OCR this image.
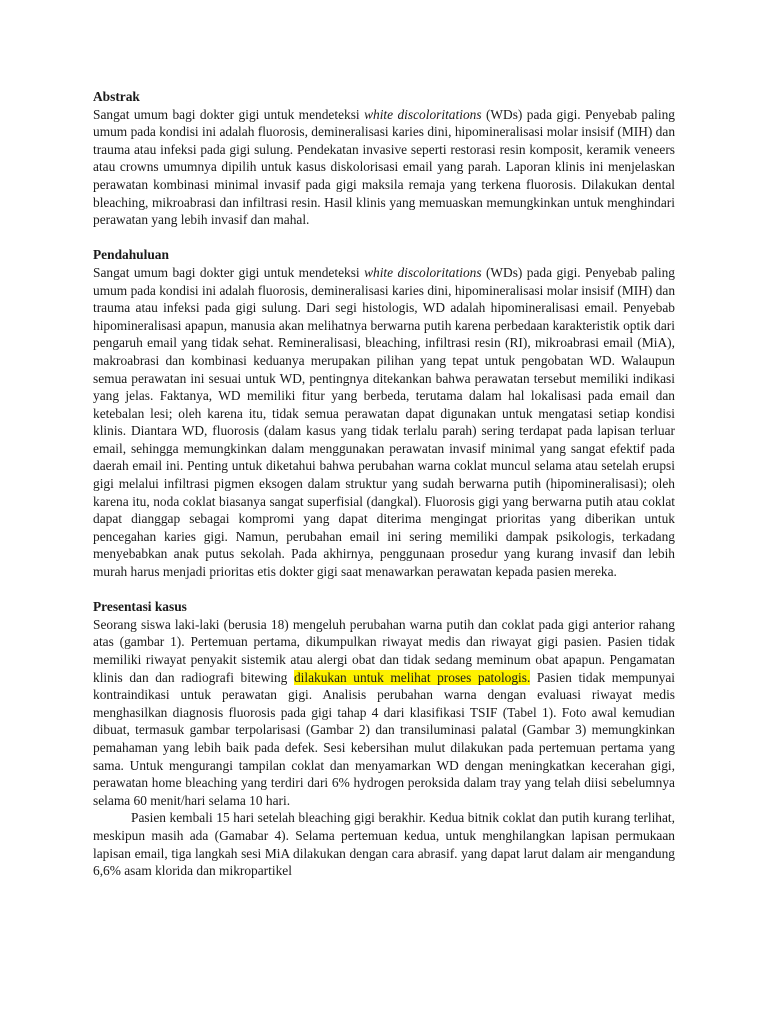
Abstrak

Sangat umum bagi dokter gigi untuk mendeteksi white discoloritations (WDs) pada gigi. Penyebab paling umum pada kondisi ini adalah fluorosis, demineralisasi karies dini, hipomineralisasi molar insisif (MIH) dan trauma atau infeksi pada gigi sulung. Pendekatan invasive seperti restorasi resin komposit, keramik veneers atau crowns umumnya dipilih untuk kasus diskolorisasi email yang parah. Laporan klinis ini menjelaskan perawatan kombinasi minimal invasif pada gigi maksila remaja yang terkena fluorosis. Dilakukan dental bleaching, mikroabrasi dan infiltrasi resin. Hasil klinis yang memuaskan memungkinkan untuk menghindari perawatan yang lebih invasif dan mahal.

Pendahuluan

Sangat umum bagi dokter gigi untuk mendeteksi white discoloritations (WDs) pada gigi. Penyebab paling umum pada kondisi ini adalah fluorosis, demineralisasi karies dini, hipomineralisasi molar insisif (MIH) dan trauma atau infeksi pada gigi sulung. Dari segi histologis, WD adalah hipomineralisasi email. Penyebab hipomineralisasi apapun, manusia akan melihatnya berwarna putih karena perbedaan karakteristik optik dari pengaruh email yang tidak sehat. Remineralisasi, bleaching, infiltrasi resin (RI), mikroabrasi email (MiA), makroabrasi dan kombinasi keduanya merupakan pilihan yang tepat untuk pengobatan WD. Walaupun semua perawatan ini sesuai untuk WD, pentingnya ditekankan bahwa perawatan tersebut memiliki indikasi yang jelas. Faktanya, WD memiliki fitur yang berbeda, terutama dalam hal lokalisasi pada email dan ketebalan lesi; oleh karena itu, tidak semua perawatan dapat digunakan untuk mengatasi setiap kondisi klinis. Diantara WD, fluorosis (dalam kasus yang tidak terlalu parah) sering terdapat pada lapisan terluar email, sehingga memungkinkan dalam menggunakan perawatan invasif minimal yang sangat efektif pada daerah email ini. Penting untuk diketahui bahwa perubahan warna coklat muncul selama atau setelah erupsi gigi melalui infiltrasi pigmen eksogen dalam struktur yang sudah berwarna putih (hipomineralisasi); oleh karena itu, noda coklat biasanya sangat superfisial (dangkal). Fluorosis gigi yang berwarna putih atau coklat dapat dianggap sebagai kompromi yang dapat diterima mengingat prioritas yang diberikan untuk pencegahan karies gigi. Namun, perubahan email ini sering memiliki dampak psikologis, terkadang menyebabkan anak putus sekolah. Pada akhirnya, penggunaan prosedur yang kurang invasif dan lebih murah harus menjadi prioritas etis dokter gigi saat menawarkan perawatan kepada pasien mereka.

Presentasi kasus

Seorang siswa laki-laki (berusia 18) mengeluh perubahan warna putih dan coklat pada gigi anterior rahang atas (gambar 1). Pertemuan pertama, dikumpulkan riwayat medis dan riwayat gigi pasien. Pasien tidak memiliki riwayat penyakit sistemik atau alergi obat dan tidak sedang meminum obat apapun. Pengamatan klinis dan dan radiografi bitewing dilakukan untuk melihat proses patologis. Pasien tidak mempunyai kontraindikasi untuk perawatan gigi. Analisis perubahan warna dengan evaluasi riwayat medis menghasilkan diagnosis fluorosis pada gigi tahap 4 dari klasifikasi TSIF (Tabel 1). Foto awal kemudian dibuat, termasuk gambar terpolarisasi (Gambar 2) dan transiluminasi palatal (Gambar 3) memungkinkan pemahaman yang lebih baik pada defek. Sesi kebersihan mulut dilakukan pada pertemuan pertama yang sama. Untuk mengurangi tampilan coklat dan menyamarkan WD dengan meningkatkan kecerahan gigi, perawatan home bleaching yang terdiri dari 6% hydrogen peroksida dalam tray yang telah diisi sebelumnya selama 60 menit/hari selama 10 hari.

Pasien kembali 15 hari setelah bleaching gigi berakhir. Kedua bitnik coklat dan putih kurang terlihat, meskipun masih ada (Gamabar 4). Selama pertemuan kedua, untuk menghilangkan lapisan permukaan lapisan email, tiga langkah sesi MiA dilakukan dengan cara abrasif. yang dapat larut dalam air mengandung 6,6% asam klorida dan mikropartikel
